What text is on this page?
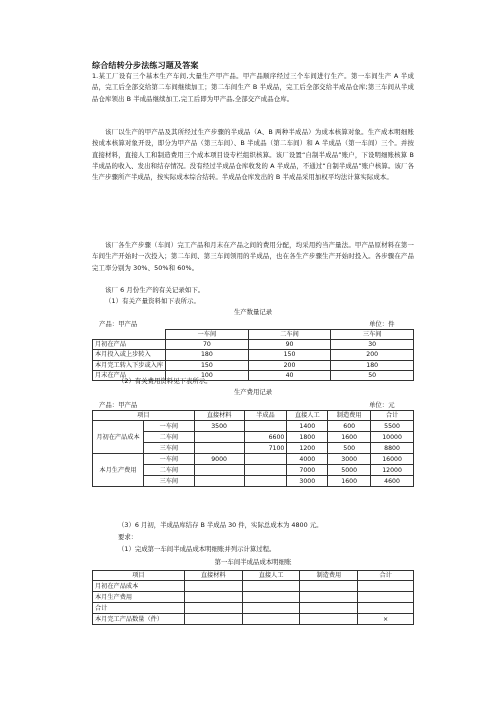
综合结转分步法练习题及答案
1.某工厂设有三个基本生产车间,大量生产甲产品。甲产品顺序经过三个车间进行生产。第一车间生产 A 半成品，完工后全部交给第二车间继续加工；第二车间生产 B 半成品，完工后全部交给半成品仓库;第三车间从半成品仓库领出 B 半成品继续加工,完工后即为甲产品,全部交产成品仓库。
该厂以生产的甲产品及其所经过生产步骤的半成品（A、B 两种半成品）为成本核算对象。生产成本明细账按成本核算对象开设，即分为甲产品（第三车间）、B 半成品（第二车间）和 A 半成品（第一车间）三个。并按直接材料，直接人工和制造费用三个成本项目设专栏组织核算。该厂设置“自制半成品”账户，下设明细账核算 B 半成品的收入、发出和结存情况。没有经过半成品仓库收发的 A 半成品，不通过“自制半成品”账户核算。该厂各生产步骤所产半成品，按实际成本综合结转。半成品仓库发出的 B 半成品采用加权平均法计算实际成本。
该厂各生产步骤（车间）完工产品和月末在产品之间的费用分配，均采用约当产量法。甲产品原材料在第一车间生产开始时一次投入；第二车间、第三车间领用的半成品，也在各生产步骤生产开始时投入。各步骤在产品完工率分别为 30%、50%和 60%。
该厂 6 月份生产的有关记录如下。
（1）有关产量资料如下表所示。
生产数量记录
产品：甲产品	单位：件
	一车间	二车间	三车间
月初在产品	70	90	30
本月投入或上步转入	180	150	200
本月完工转入下步或入库	150	200	180
月末在产品	100	40	50
（2）有关费用资料见下表所示。
生产费用记录
产品：甲产品	单位：元
项目		直接材料	半成品	直接人工	制造费用	合计
月初在产品成本	一车间	3500		1400	600	5500
	二车间		6600	1800	1600	10000
	三车间		7100	1200	500	8800
本月生产费用	一车间	9000		4000	3000	16000
	二车间			7000	5000	12000
	三车间			3000	1600	4600
（3）6 月初，半成品库结存 B 半成品 30 件，实际总成本为 4800 元。
要求：
（1）完成第一车间半成品成本明细账并列示计算过程。
第一车间半成品成本明细账
项目	直接材料	直接人工	制造费用	合计
月初在产品成本				
本月生产费用				
合计				
本月完工产品数量（件）				×
